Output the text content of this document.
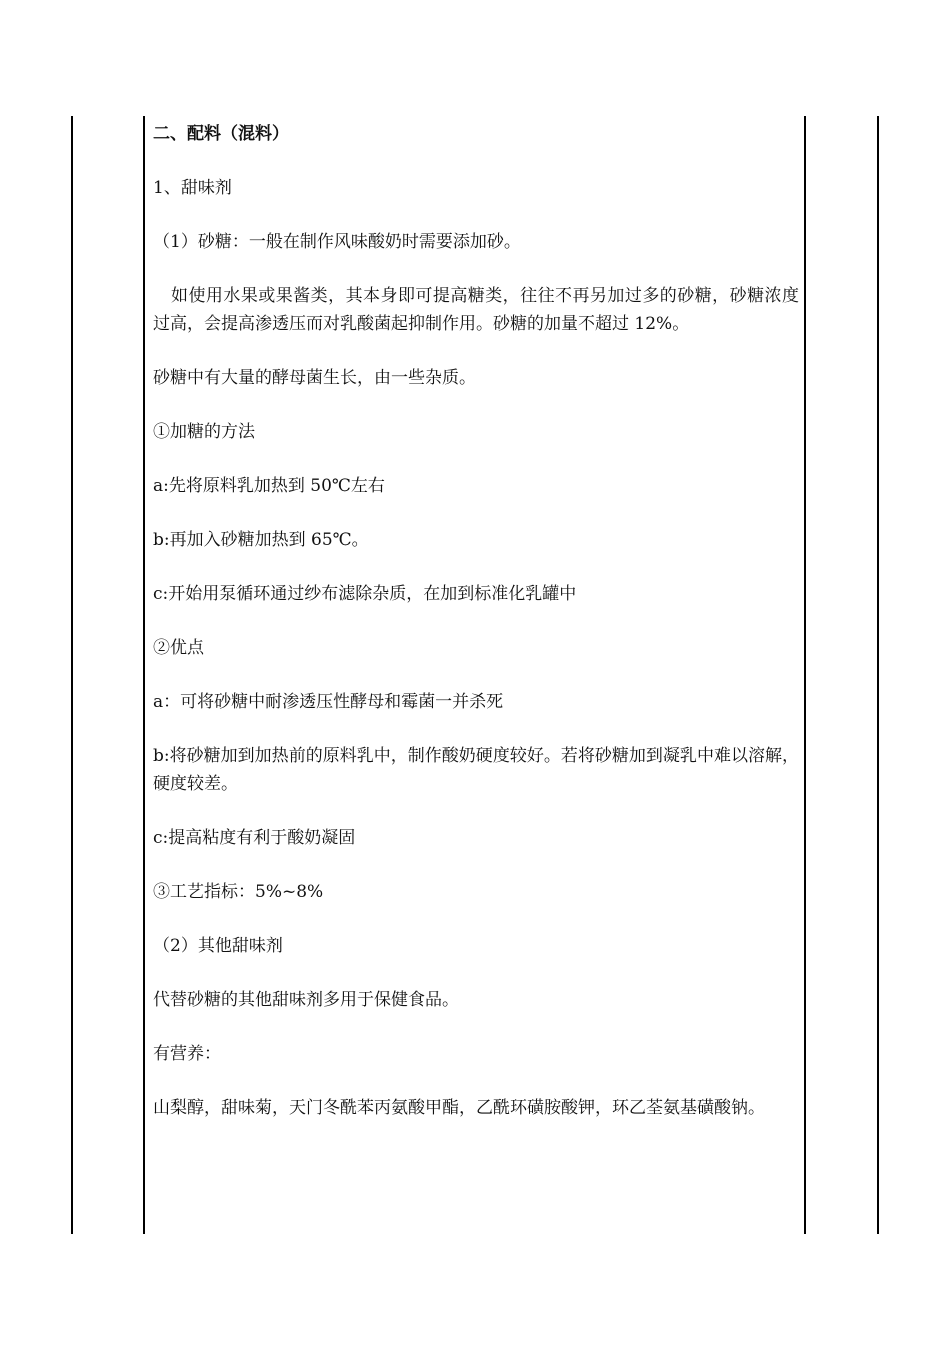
二、配料（混料）

1、甜味剂

（1）砂糖：一般在制作风味酸奶时需要添加砂。

如使用水果或果酱类，其本身即可提高糖类，往往不再另加过多的砂糖，砂糖浓度过高，会提高渗透压而对乳酸菌起抑制作用。砂糖的加量不超过 12%。

砂糖中有大量的酵母菌生长，由一些杂质。

①加糖的方法

a:先将原料乳加热到 50℃左右

b:再加入砂糖加热到 65℃。

c:开始用泵循环通过纱布滤除杂质，在加到标准化乳罐中

②优点

a：可将砂糖中耐渗透压性酵母和霉菌一并杀死

b:将砂糖加到加热前的原料乳中，制作酸奶硬度较好。若将砂糖加到凝乳中难以溶解，硬度较差。

c:提高粘度有利于酸奶凝固

③工艺指标：5%~8%

（2）其他甜味剂

代替砂糖的其他甜味剂多用于保健食品。

有营养：

山梨醇，甜味菊，天门冬酰苯丙氨酸甲酯，乙酰环磺胺酸钾，环乙荃氨基磺酸钠。
